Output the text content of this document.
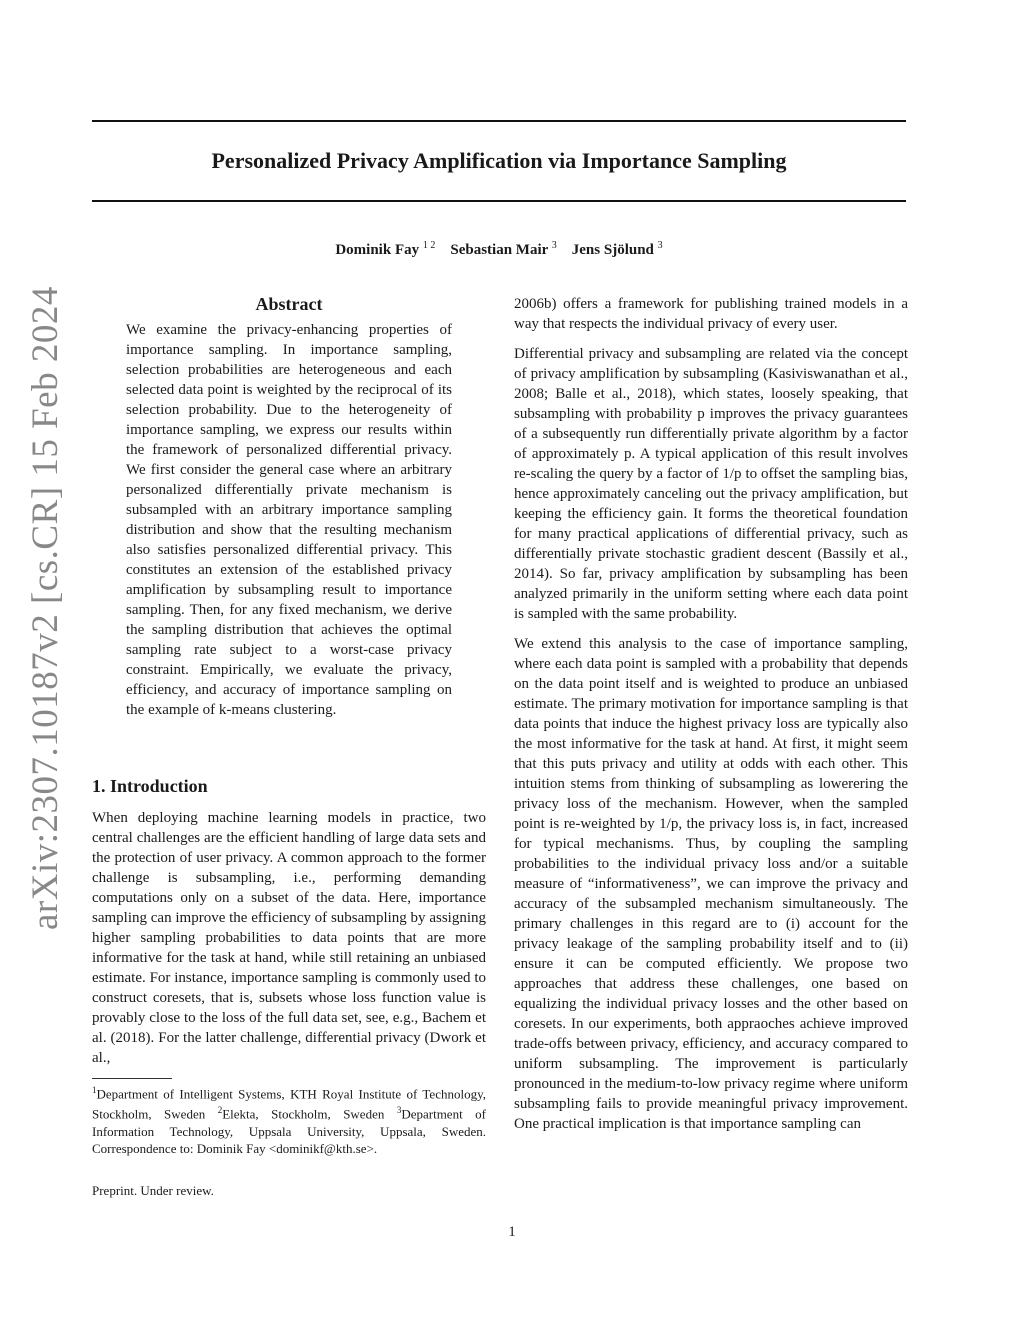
Personalized Privacy Amplification via Importance Sampling
Dominik Fay $^{1 2}$ Sebastian Mair $^3$ Jens Sjölund $^3$
arXiv:2307.10187v2 [cs.CR] 15 Feb 2024	Abstract
We examine the privacy-enhancing properties of importance sampling. In importance sampling, selection probabilities are heterogeneous and each selected data point is weighted by the reciprocal of its selection probability. Due to the heterogeneity of importance sampling, we express our results within the framework of personalized differential privacy. We first consider the general case where an arbitrary personalized differentially private mechanism is subsampled with an arbitrary importance sampling distribution and show that the resulting mechanism also satisfies personalized differential privacy. This constitutes an extension of the established privacy amplification by subsampling result to importance sampling. Then, for any fixed mechanism, we derive the sampling distribution that achieves the optimal sampling rate subject to a worst-case privacy constraint. Empirically, we evaluate the privacy, efficiency, and accuracy of importance sampling on the example of k-means clustering.
1. Introduction
When deploying machine learning models in practice, two central challenges are the efficient handling of large data sets and the protection of user privacy. A common approach to the former challenge is subsampling, i.e., performing demanding computations only on a subset of the data. Here, importance sampling can improve the efficiency of subsampling by assigning higher sampling probabilities to data points that are more informative for the task at hand, while still retaining an unbiased estimate. For instance, importance sampling is commonly used to construct coresets, that is, subsets whose loss function value is provably close to the loss of the full data set, see, e.g., Bachem et al. (2018). For the latter challenge, differential privacy (Dwork et al.,

2006b) offers a framework for publishing trained models in a way that respects the individual privacy of every user.

Differential privacy and subsampling are related via the concept of privacy amplification by subsampling (Kasiviswanathan et al., 2008; Balle et al., 2018), which states, loosely speaking, that subsampling with probability p improves the privacy guarantees of a subsequently run differentially private algorithm by a factor of approximately p. A typical application of this result involves re-scaling the query by a factor of 1/p to offset the sampling bias, hence approximately canceling out the privacy amplification, but keeping the efficiency gain. It forms the theoretical foundation for many practical applications of differential privacy, such as differentially private stochastic gradient descent (Bassily et al., 2014). So far, privacy amplification by subsampling has been analyzed primarily in the uniform setting where each data point is sampled with the same probability.

We extend this analysis to the case of importance sampling, where each data point is sampled with a probability that depends on the data point itself and is weighted to produce an unbiased estimate. The primary motivation for importance sampling is that data points that induce the highest privacy loss are typically also the most informative for the task at hand. At first, it might seem that this puts privacy and utility at odds with each other. This intuition stems from thinking of subsampling as lowerering the privacy loss of the mechanism. However, when the sampled point is re-weighted by 1/p, the privacy loss is, in fact, increased for typical mechanisms. Thus, by coupling the sampling probabilities to the individual privacy loss and/or a suitable measure of “informativeness”, we can improve the privacy and accuracy of the subsampled mechanism simultaneously. The primary challenges in this regard are to (i) account for the privacy leakage of the sampling probability itself and to (ii) ensure it can be computed efficiently. We propose two approaches that address these challenges, one based on equalizing the individual privacy losses and the other based on coresets. In our experiments, both appraoches achieve improved trade-offs between privacy, efficiency, and accuracy compared to uniform subsampling. The improvement is particularly pronounced in the medium-to-low privacy regime where uniform subsampling fails to provide meaningful privacy improvement. One practical implication is that importance sampling can

$^1$Department of Intelligent Systems, KTH Royal Institute of Technology, Stockholm, Sweden $^2$Elekta, Stockholm, Sweden $^3$Department of Information Technology, Uppsala University, Uppsala, Sweden. Correspondence to: Dominik Fay <dominikf@kth.se>.
Preprint. Under review.
1
